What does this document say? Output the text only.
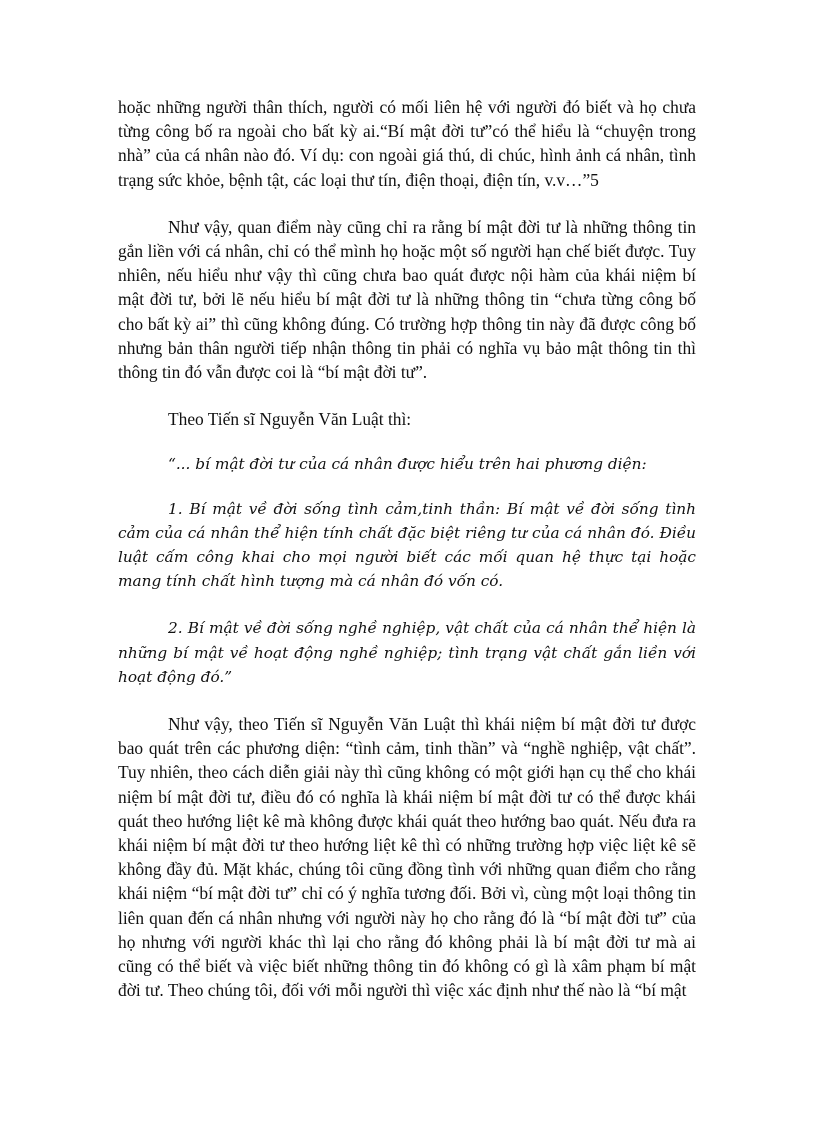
hoặc những người thân thích, người có mối liên hệ với người đó biết và họ chưa từng công bố ra ngoài cho bất kỳ ai.“Bí mật đời tư”có thể hiểu là “chuyện trong nhà” của cá nhân nào đó. Ví dụ: con ngoài giá thú, di chúc, hình ảnh cá nhân, tình trạng sức khỏe, bệnh tật, các loại thư tín, điện thoại, điện tín, v.v…”5

Như vậy, quan điểm này cũng chỉ ra rằng bí mật đời tư là những thông tin gắn liền với cá nhân, chỉ có thể mình họ hoặc một số người hạn chế biết được. Tuy nhiên, nếu hiểu như vậy thì cũng chưa bao quát được nội hàm của khái niệm bí mật đời tư, bởi lẽ nếu hiểu bí mật đời tư là những thông tin “chưa từng công bố cho bất kỳ ai” thì cũng không đúng. Có trường hợp thông tin này đã được công bố nhưng bản thân người tiếp nhận thông tin phải có nghĩa vụ bảo mật thông tin thì thông tin đó vẫn được coi là “bí mật đời tư”.

Theo Tiến sĩ Nguyễn Văn Luật thì:

“... bí mật đời tư của cá nhân được hiểu trên hai phương diện:

1. Bí mật về đời sống tình cảm,tinh thần: Bí mật về đời sống tình cảm của cá nhân thể hiện tính chất đặc biệt riêng tư của cá nhân đó. Điều luật cấm công khai cho mọi người biết các mối quan hệ thực tại hoặc mang tính chất hình tượng mà cá nhân đó vốn có.

2. Bí mật về đời sống nghề nghiệp, vật chất của cá nhân thể hiện là những bí mật về hoạt động nghề nghiệp; tình trạng vật chất gắn liền với hoạt động đó.”

Như vậy, theo Tiến sĩ Nguyễn Văn Luật thì khái niệm bí mật đời tư được bao quát trên các phương diện: “tình cảm, tinh thần” và “nghề nghiệp, vật chất”. Tuy nhiên, theo cách diễn giải này thì cũng không có một giới hạn cụ thể cho khái niệm bí mật đời tư, điều đó có nghĩa là khái niệm bí mật đời tư có thể được khái quát theo hướng liệt kê mà không được khái quát theo hướng bao quát. Nếu đưa ra khái niệm bí mật đời tư theo hướng liệt kê thì có những trường hợp việc liệt kê sẽ không đầy đủ. Mặt khác, chúng tôi cũng đồng tình với những quan điểm cho rằng khái niệm “bí mật đời tư” chỉ có ý nghĩa tương đối. Bởi vì, cùng một loại thông tin liên quan đến cá nhân nhưng với người này họ cho rằng đó là “bí mật đời tư” của họ nhưng với người khác thì lại cho rằng đó không phải là bí mật đời tư mà ai cũng có thể biết và việc biết những thông tin đó không có gì là xâm phạm bí mật đời tư. Theo chúng tôi, đối với mỗi người thì việc xác định như thế nào là “bí mật
